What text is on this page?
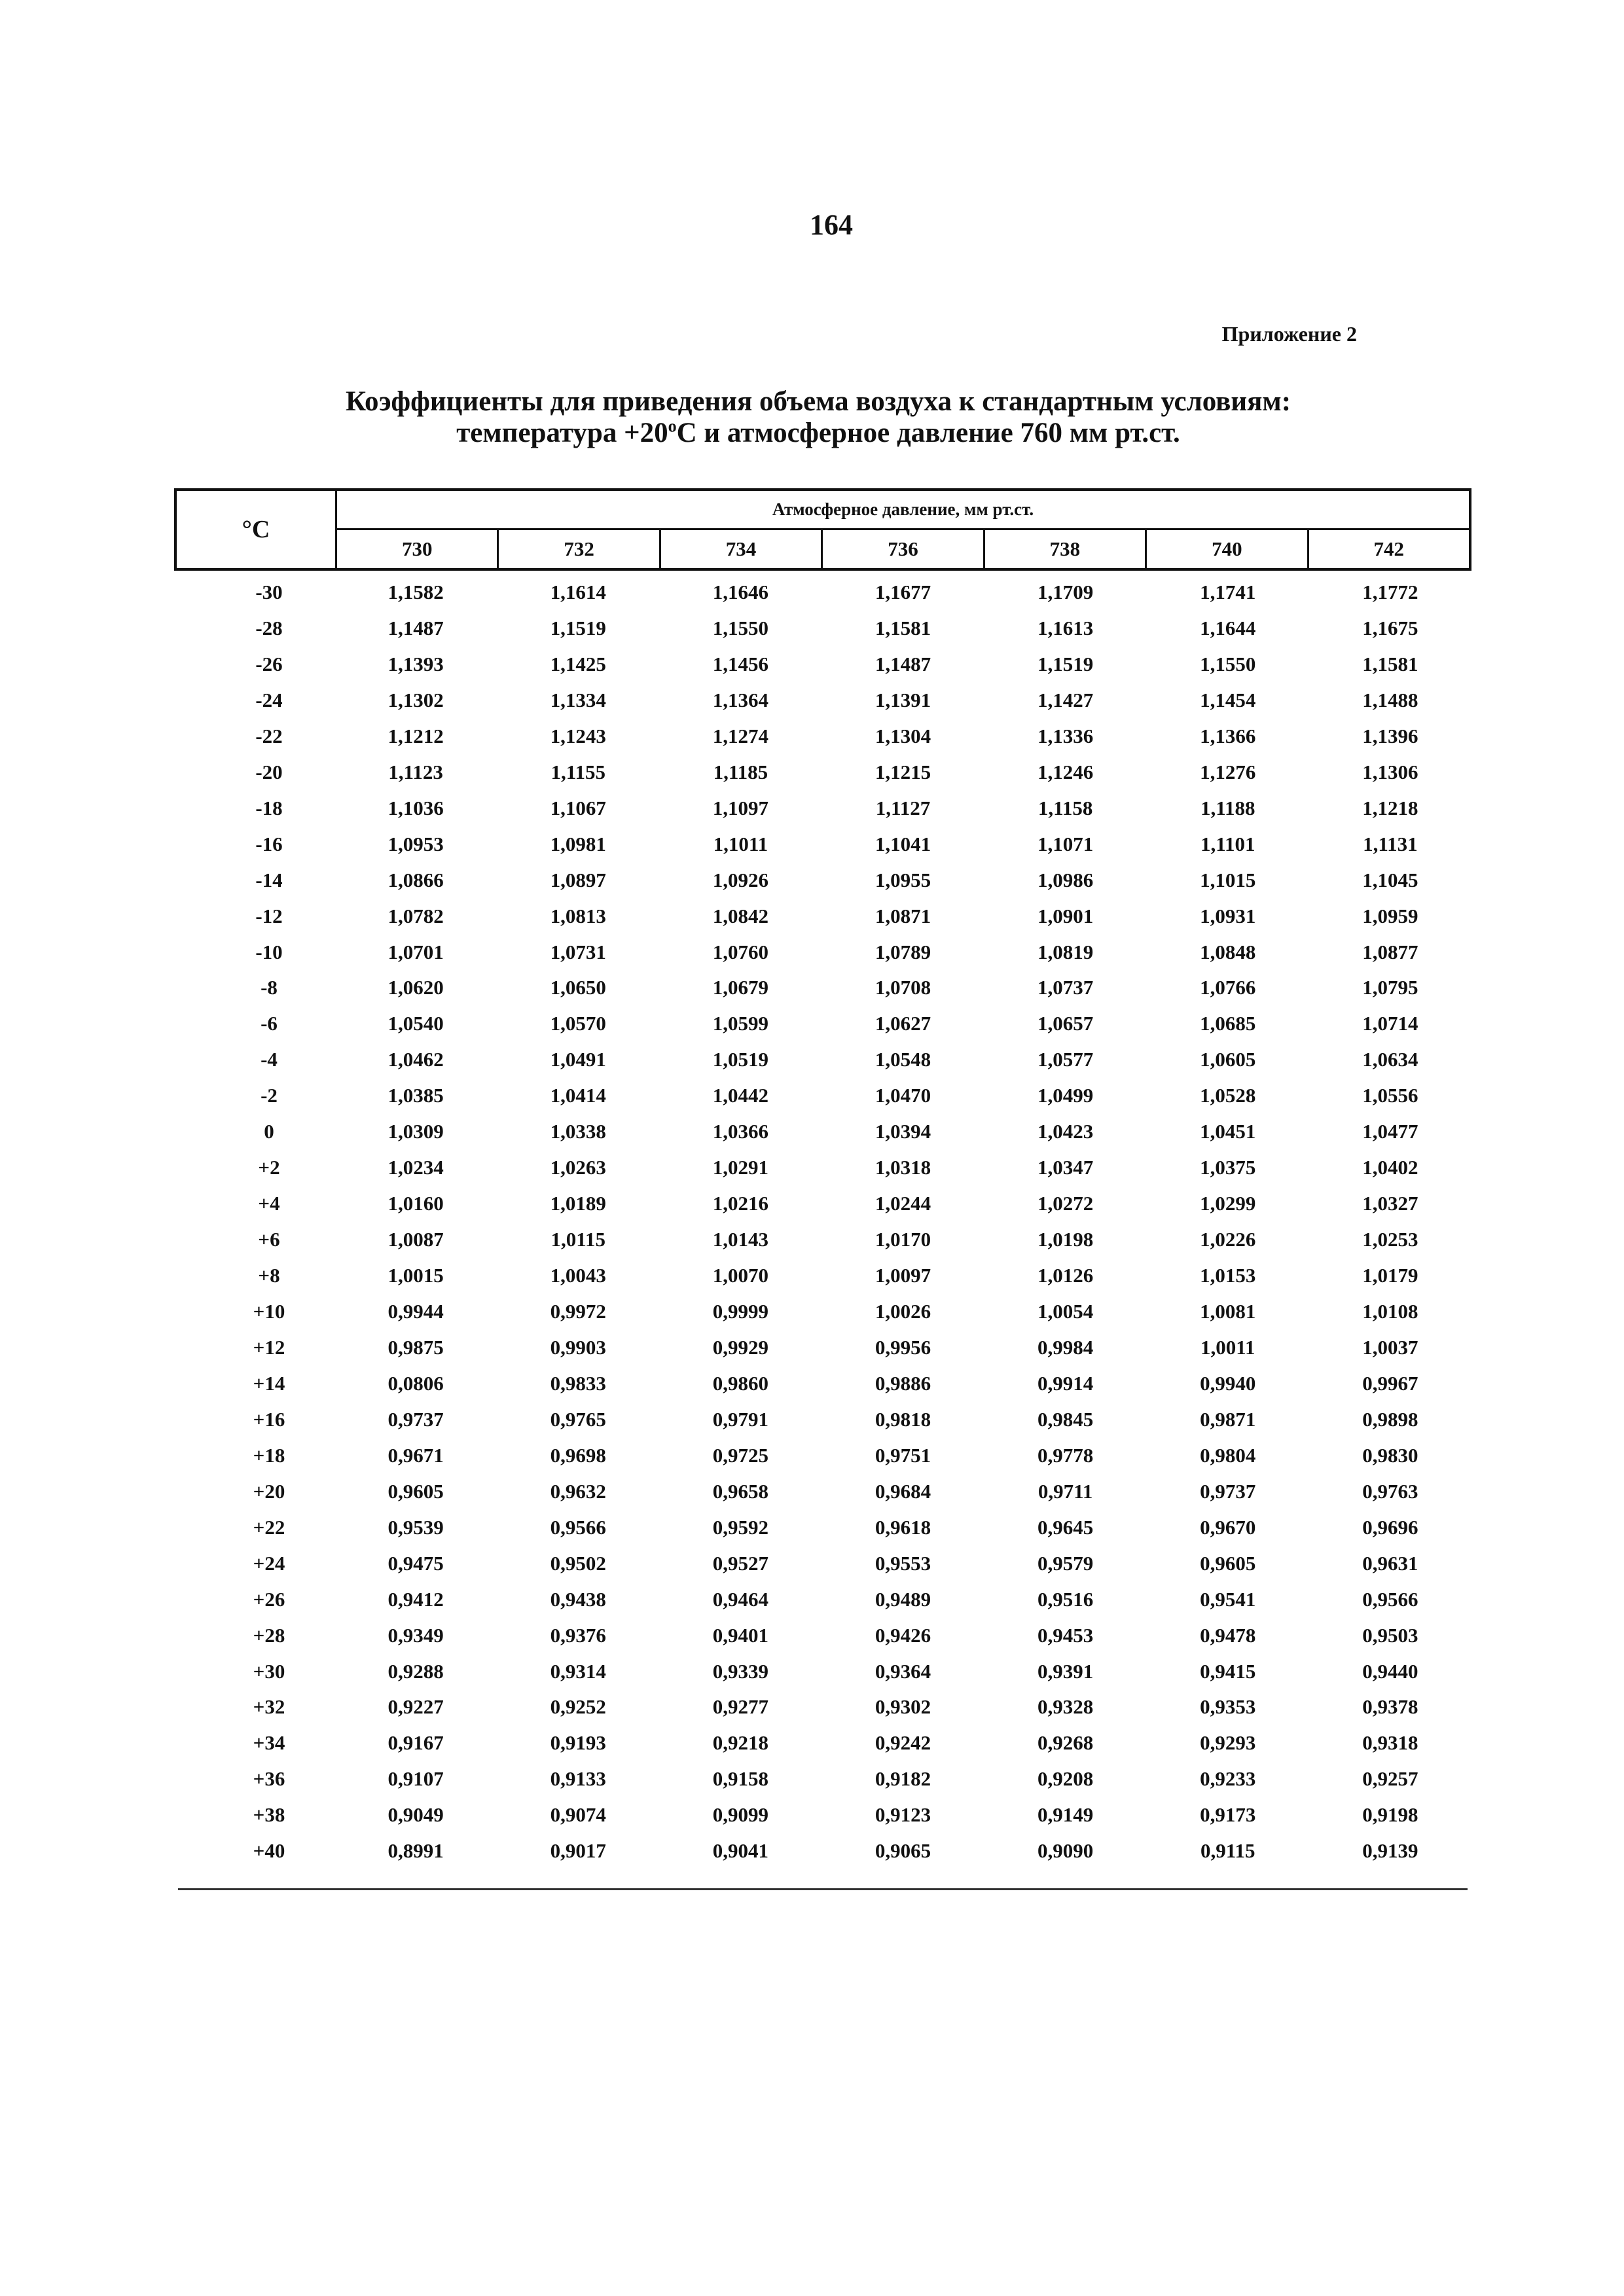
164
Приложение 2
Коэффициенты для приведения объема воздуха к стандартным условиям:
температура $+20^oС$ и атмосферное давление 760 мм рт.ст.
°С
Атмосферное давление, мм рт.ст.
730	732	734	736	738	740	742
-30	1,1582	1,1614	1,1646	1,1677	1,1709	1,1741	1,1772
-28	1,1487	1,1519	1,1550	1,1581	1,1613	1,1644	1,1675
-26	1,1393	1,1425	1,1456	1,1487	1,1519	1,1550	1,1581
-24	1,1302	1,1334	1,1364	1,1391	1,1427	1,1454	1,1488
-22	1,1212	1,1243	1,1274	1,1304	1,1336	1,1366	1,1396
-20	1,1123	1,1155	1,1185	1,1215	1,1246	1,1276	1,1306
-18	1,1036	1,1067	1,1097	1,1127	1,1158	1,1188	1,1218
-16	1,0953	1,0981	1,1011	1,1041	1,1071	1,1101	1,1131
-14	1,0866	1,0897	1,0926	1,0955	1,0986	1,1015	1,1045
-12	1,0782	1,0813	1,0842	1,0871	1,0901	1,0931	1,0959
-10	1,0701	1,0731	1,0760	1,0789	1,0819	1,0848	1,0877
-8	1,0620	1,0650	1,0679	1,0708	1,0737	1,0766	1,0795
-6	1,0540	1,0570	1,0599	1,0627	1,0657	1,0685	1,0714
-4	1,0462	1,0491	1,0519	1,0548	1,0577	1,0605	1,0634
-2	1,0385	1,0414	1,0442	1,0470	1,0499	1,0528	1,0556
0	1,0309	1,0338	1,0366	1,0394	1,0423	1,0451	1,0477
+2	1,0234	1,0263	1,0291	1,0318	1,0347	1,0375	1,0402
+4	1,0160	1,0189	1,0216	1,0244	1,0272	1,0299	1,0327
+6	1,0087	1,0115	1,0143	1,0170	1,0198	1,0226	1,0253
+8	1,0015	1,0043	1,0070	1,0097	1,0126	1,0153	1,0179
+10	0,9944	0,9972	0,9999	1,0026	1,0054	1,0081	1,0108
+12	0,9875	0,9903	0,9929	0,9956	0,9984	1,0011	1,0037
+14	0,0806	0,9833	0,9860	0,9886	0,9914	0,9940	0,9967
+16	0,9737	0,9765	0,9791	0,9818	0,9845	0,9871	0,9898
+18	0,9671	0,9698	0,9725	0,9751	0,9778	0,9804	0,9830
+20	0,9605	0,9632	0,9658	0,9684	0,9711	0,9737	0,9763
+22	0,9539	0,9566	0,9592	0,9618	0,9645	0,9670	0,9696
+24	0,9475	0,9502	0,9527	0,9553	0,9579	0,9605	0,9631
+26	0,9412	0,9438	0,9464	0,9489	0,9516	0,9541	0,9566
+28	0,9349	0,9376	0,9401	0,9426	0,9453	0,9478	0,9503
+30	0,9288	0,9314	0,9339	0,9364	0,9391	0,9415	0,9440
+32	0,9227	0,9252	0,9277	0,9302	0,9328	0,9353	0,9378
+34	0,9167	0,9193	0,9218	0,9242	0,9268	0,9293	0,9318
+36	0,9107	0,9133	0,9158	0,9182	0,9208	0,9233	0,9257
+38	0,9049	0,9074	0,9099	0,9123	0,9149	0,9173	0,9198
+40	0,8991	0,9017	0,9041	0,9065	0,9090	0,9115	0,9139
